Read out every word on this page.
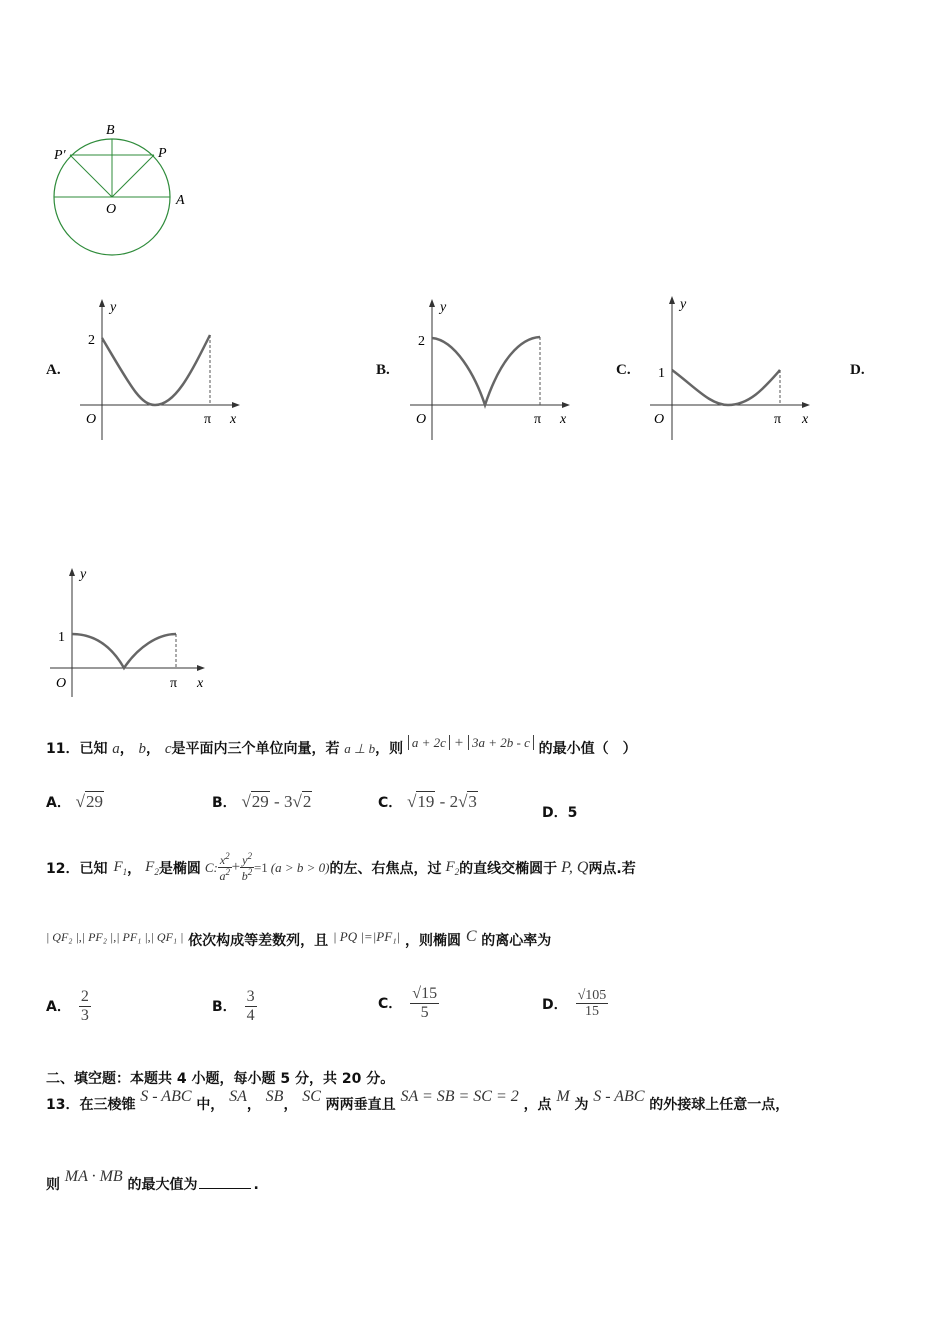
B
P′	P
O
A
A.
y
2
O	π x
B.
y
2
O	π x
C.
y
1
O	π x
D.
y
1
O	π x
11．已知 a， b， c是平面内三个单位向量，若 a ⊥ b，则 a + 2c + 3a + 2b - c 的最小值（　）
A． √29	B． √29 - 3√2	C． √19 - 2√3
D．5
12． 已知 $F_1$ ， $F_2$ 是椭圆 C: $\frac{x^2}{a^2} + \frac{y^2}{b^2} =1$ (a > b > 0) 的左、右焦点，过 $F_2$ 的直线交椭圆于 P, Q 两点.若
$^{| QF_2 |,| PF_2 |,| PF_1 |,| QF_1 |}$ 依次构成等差数列，且 | PQ |=|PF₁| ，则椭圆 C 的离心率为
A． $\frac{2}{3}$	B． $\frac{3}{4}$	C． $\frac{√15}{5}$	D． $\frac{√105}{15}$
二、填空题：本题共 4 小题，每小题 5 分，共 20 分。
13．在三棱锥 S - ABC 中， SA， SB， SC 两两垂直且 SA = SB = SC = 2 ，点 M 为 S - ABC 的外接球上任意一点，
则 MA · MB 的最大值为	.
